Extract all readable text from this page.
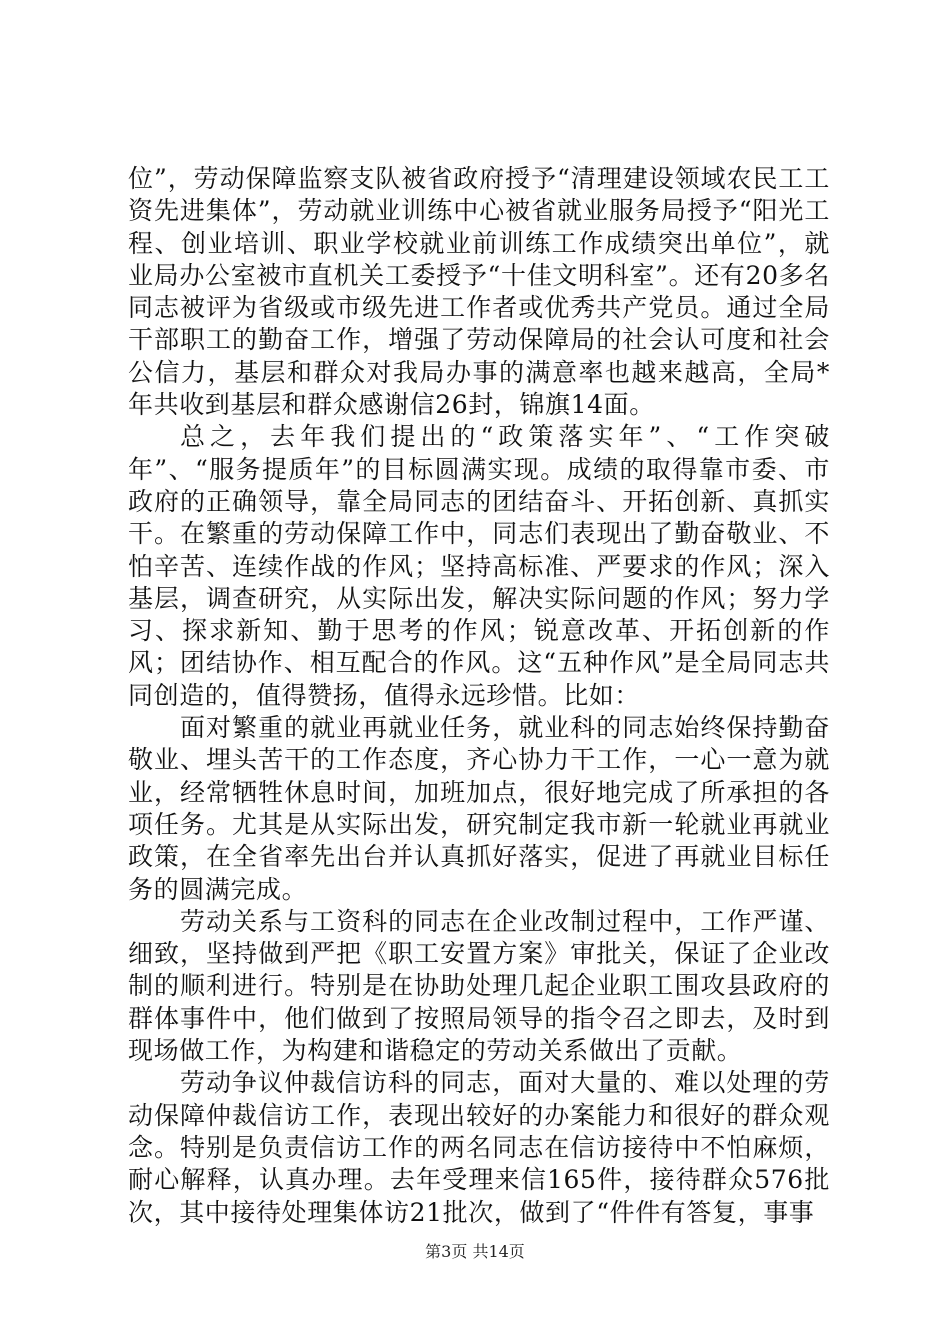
位”，劳动保障监察支队被省政府授予“清理建设领域农民工工资先进集体”，劳动就业训练中心被省就业服务局授予“阳光工程、创业培训、职业学校就业前训练工作成绩突出单位”，就业局办公室被市直机关工委授予“十佳文明科室”。还有20多名同志被评为省级或市级先进工作者或优秀共产党员。通过全局干部职工的勤奋工作，增强了劳动保障局的社会认可度和社会公信力，基层和群众对我局办事的满意率也越来越高，全局*年共收到基层和群众感谢信26封，锦旗14面。

总之，去年我们提出的“政策落实年”、“工作突破年”、“服务提质年”的目标圆满实现。成绩的取得靠市委、市政府的正确领导，靠全局同志的团结奋斗、开拓创新、真抓实干。在繁重的劳动保障工作中，同志们表现出了勤奋敬业、不怕辛苦、连续作战的作风；坚持高标准、严要求的作风；深入基层，调查研究，从实际出发，解决实际问题的作风；努力学习、探求新知、勤于思考的作风；锐意改革、开拓创新的作风；团结协作、相互配合的作风。这“五种作风”是全局同志共同创造的，值得赞扬，值得永远珍惜。比如：

面对繁重的就业再就业任务，就业科的同志始终保持勤奋敬业、埋头苦干的工作态度，齐心协力干工作，一心一意为就业，经常牺牲休息时间，加班加点，很好地完成了所承担的各项任务。尤其是从实际出发，研究制定我市新一轮就业再就业政策，在全省率先出台并认真抓好落实，促进了再就业目标任务的圆满完成。

劳动关系与工资科的同志在企业改制过程中，工作严谨、细致，坚持做到严把《职工安置方案》审批关，保证了企业改制的顺利进行。特别是在协助处理几起企业职工围攻县政府的群体事件中，他们做到了按照局领导的指令召之即去，及时到现场做工作，为构建和谐稳定的劳动关系做出了贡献。

劳动争议仲裁信访科的同志，面对大量的、难以处理的劳动保障仲裁信访工作，表现出较好的办案能力和很好的群众观念。特别是负责信访工作的两名同志在信访接待中不怕麻烦，耐心解释，认真办理。去年受理来信165件，接待群众576批次，其中接待处理集体访21批次，做到了“件件有答复，事事

第3页 共14页
